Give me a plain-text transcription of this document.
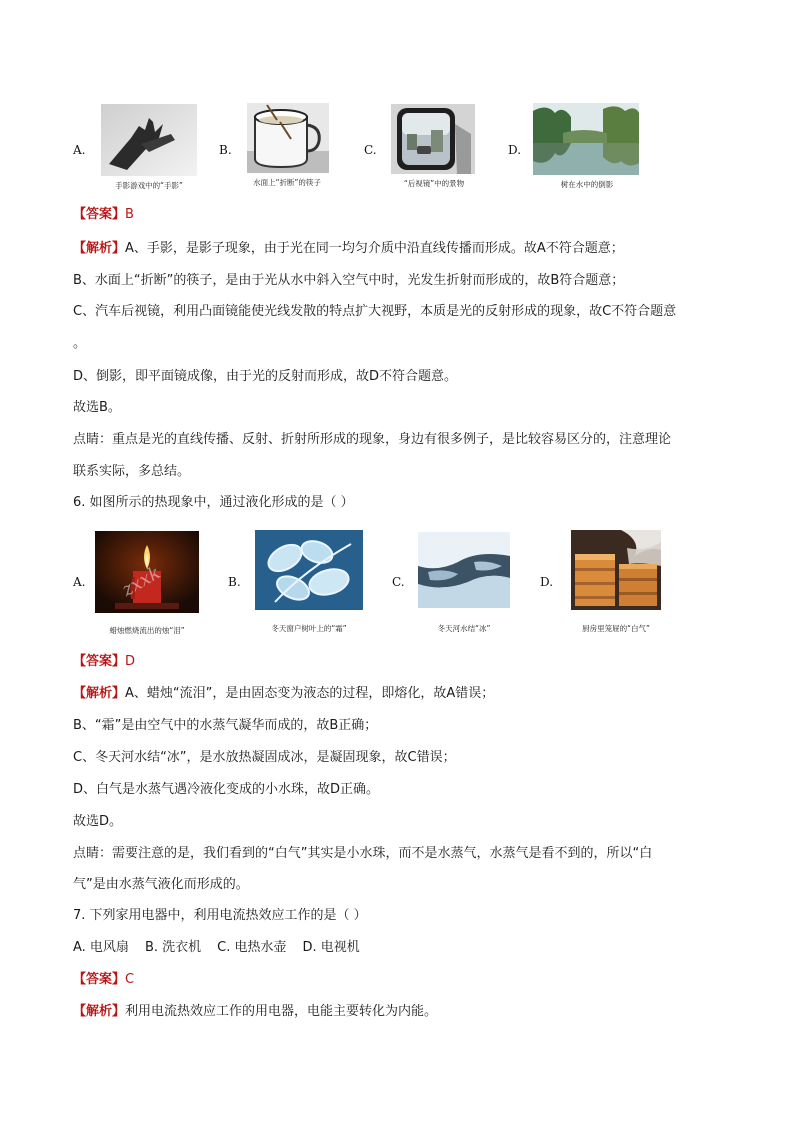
A.
手影游戏中的“手影”
B.
水面上“折断”的筷子
C.
“后视镜”中的景物
D.
树在水中的倒影
【答案】B
【解析】A、手影，是影子现象，由于光在同一均匀介质中沿直线传播而形成。故A不符合题意；
B、水面上“折断”的筷子，是由于光从水中斜入空气中时，光发生折射而形成的，故B符合题意；
C、汽车后视镜，利用凸面镜能使光线发散的特点扩大视野，本质是光的反射形成的现象，故C不符合题意
。
D、倒影，即平面镜成像，由于光的反射而形成，故D不符合题意。
故选B。
点睛：重点是光的直线传播、反射、折射所形成的现象，身边有很多例子，是比较容易区分的，注意理论
联系实际，多总结。
6. 如图所示的热现象中，通过液化形成的是（ ）
A. zxxk
蜡烛燃烧流出的烛“泪”
B.
冬天窗户树叶上的“霜”
C.
冬天河水结“冰”
D.
厨房里笼屉的“白气”
【答案】D
【解析】A、蜡烛“流泪”，是由固态变为液态的过程，即熔化，故A错误；
B、“霜”是由空气中的水蒸气凝华而成的，故B正确；
C、冬天河水结“冰”，是水放热凝固成冰，是凝固现象，故C错误；
D、白气是水蒸气遇冷液化变成的小水珠，故D正确。
故选D。
点睛：需要注意的是，我们看到的“白气”其实是小水珠，而不是水蒸气，水蒸气是看不到的，所以“白
气”是由水蒸气液化而形成的。
7. 下列家用电器中，利用电流热效应工作的是（ ）
A. 电风扇 B. 洗衣机 C. 电热水壶 D. 电视机
【答案】C
【解析】利用电流热效应工作的用电器，电能主要转化为内能。
